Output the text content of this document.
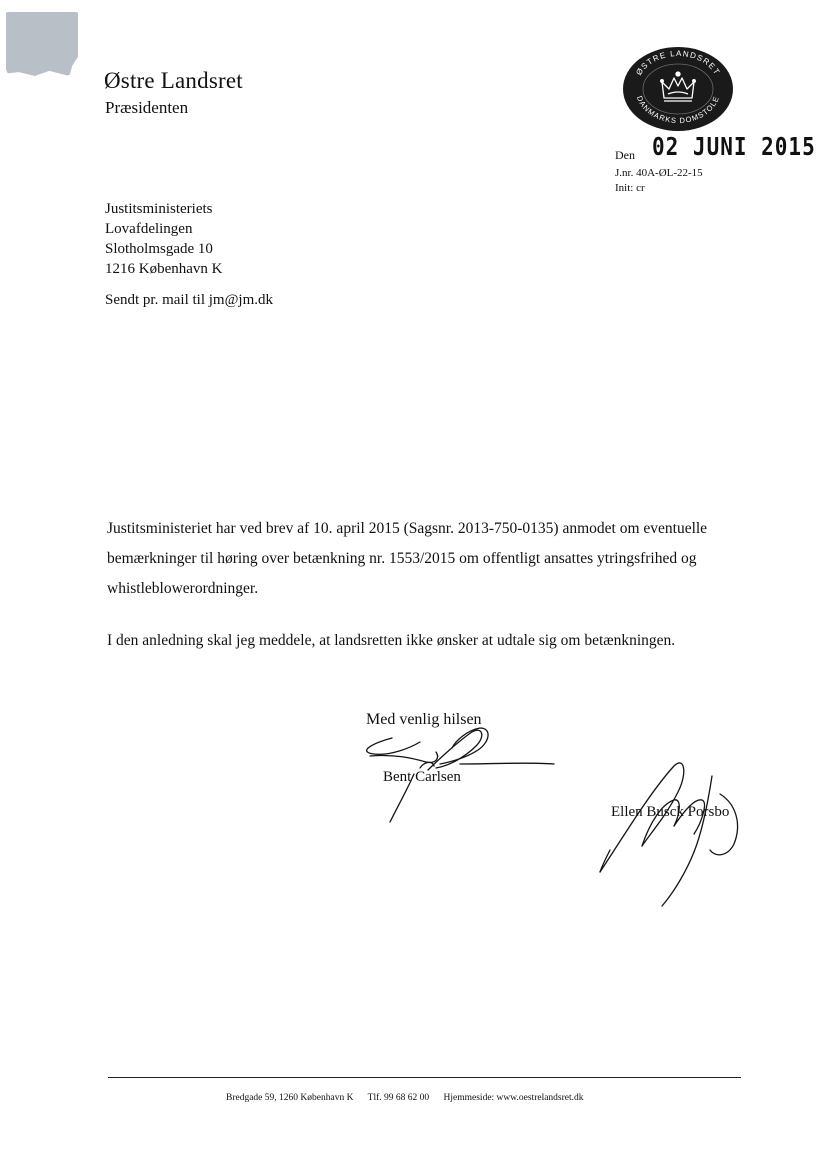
Østre Landsret
Præsidenten
ØSTRE LANDSRET
DANMARKS DOMSTOLE
Den 02 JUNI 2015
J.nr. 40A-ØL-22-15
Init: cr
Justitsministeriets
Lovafdelingen
Slotholmsgade 10
1216 København K
Sendt pr. mail til jm@jm.dk
Justitsministeriet har ved brev af 10. april 2015 (Sagsnr. 2013-750-0135) anmodet om eventuelle bemærkninger til høring over betænkning nr. 1553/2015 om offentligt ansattes ytringsfrihed og whistleblowerordninger.
I den anledning skal jeg meddele, at landsretten ikke ønsker at udtale sig om betænkningen.
Med venlig hilsen
Bent Carlsen
Ellen Busck Porsbo
Bredgade 59, 1260 København K Tlf. 99 68 62 00 Hjemmeside: www.oestrelandsret.dk
